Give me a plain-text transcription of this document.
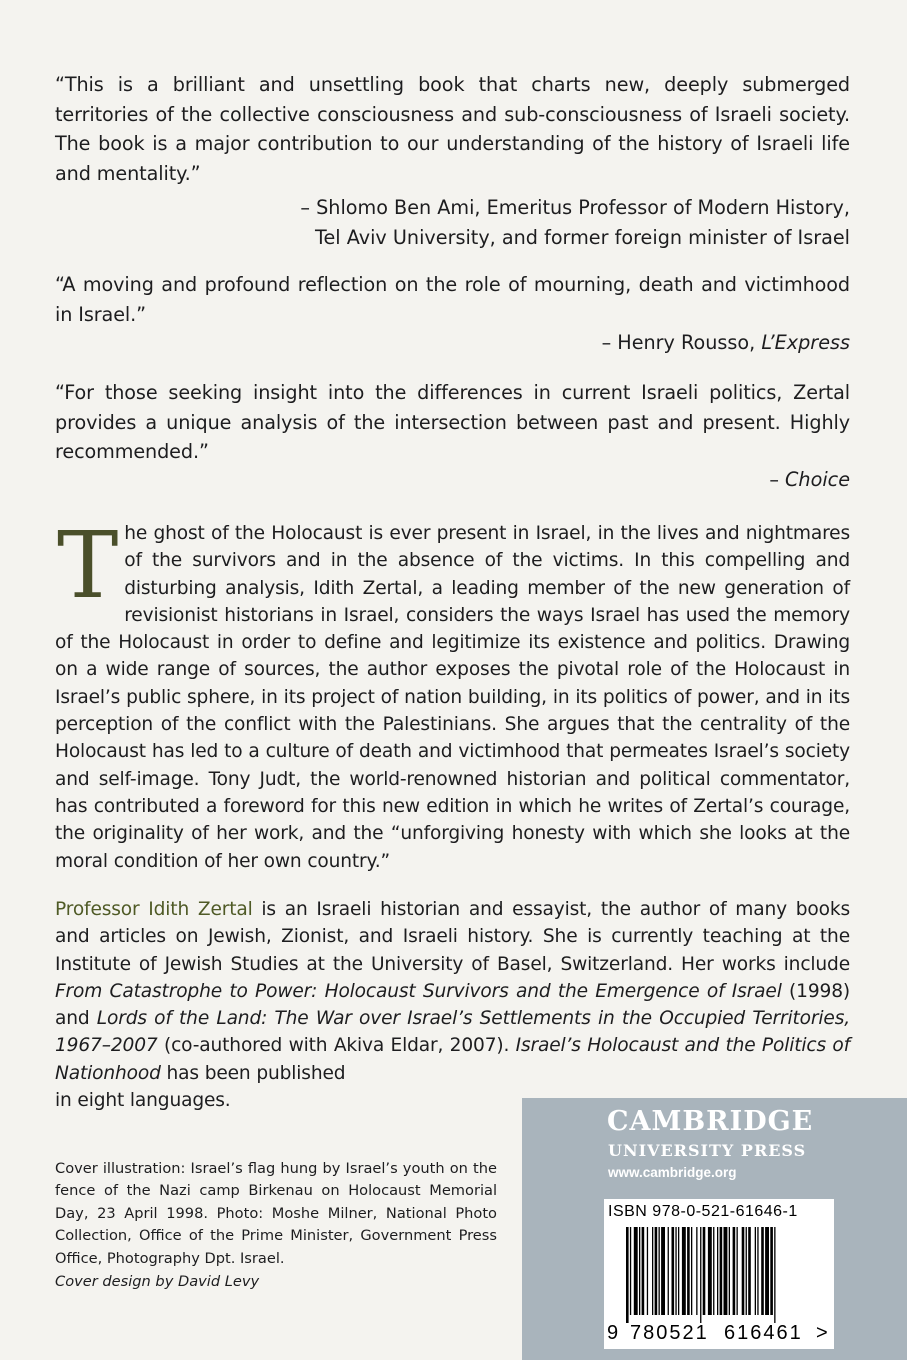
“This is a brilliant and unsettling book that charts new, deeply submerged territories of the collective consciousness and sub-consciousness of Israeli society. The book is a major contribution to our understanding of the history of Israeli life and mentality.”
– Shlomo Ben Ami, Emeritus Professor of Modern History,
Tel Aviv University, and former foreign minister of Israel
“A moving and profound reflection on the role of mourning, death and victimhood in Israel.”
– Henry Rousso, L’Express
“For those seeking insight into the differences in current Israeli politics, Zertal provides a unique analysis of the intersection between past and present. Highly recommended.”
– Choice
The ghost of the Holocaust is ever present in Israel, in the lives and nightmares of the survivors and in the absence of the victims. In this compelling and disturbing analysis, Idith Zertal, a leading member of the new generation of revisionist historians in Israel, considers the ways Israel has used the memory of the Holocaust in order to define and legitimize its existence and politics. Drawing on a wide range of sources, the author exposes the pivotal role of the Holocaust in Israel’s public sphere, in its project of nation building, in its politics of power, and in its perception of the conflict with the Palestinians. She argues that the centrality of the Holocaust has led to a culture of death and victimhood that permeates Israel’s society and self-image. Tony Judt, the world-renowned historian and political commentator, has contributed a foreword for this new edition in which he writes of Zertal’s courage, the originality of her work, and the “unforgiving honesty with which she looks at the moral condition of her own country.”
Professor Idith Zertal is an Israeli historian and essayist, the author of many books and articles on Jewish, Zionist, and Israeli history. She is currently teaching at the Institute of Jewish Studies at the University of Basel, Switzerland. Her works include From Catastrophe to Power: Holocaust Survivors and the Emergence of Israel (1998) and Lords of the Land: The War over Israel’s Settlements in the Occupied Territories, 1967–2007 (co-authored with Akiva Eldar, 2007). Israel’s Holocaust and the Politics of Nationhood has been published
in eight languages.
Cover illustration: Israel’s flag hung by Israel’s youth on the fence of the Nazi camp Birkenau on Holocaust Memorial Day, 23 April 1998. Photo: Moshe Milner, National Photo Collection, Office of the Prime Minister, Government Press Office, Photography Dpt. Israel.
Cover design by David Levy
CAMBRIDGE
UNIVERSITY PRESS
www.cambridge.org
ISBN 978-0-521-61646-1
9 780521 616461 >
